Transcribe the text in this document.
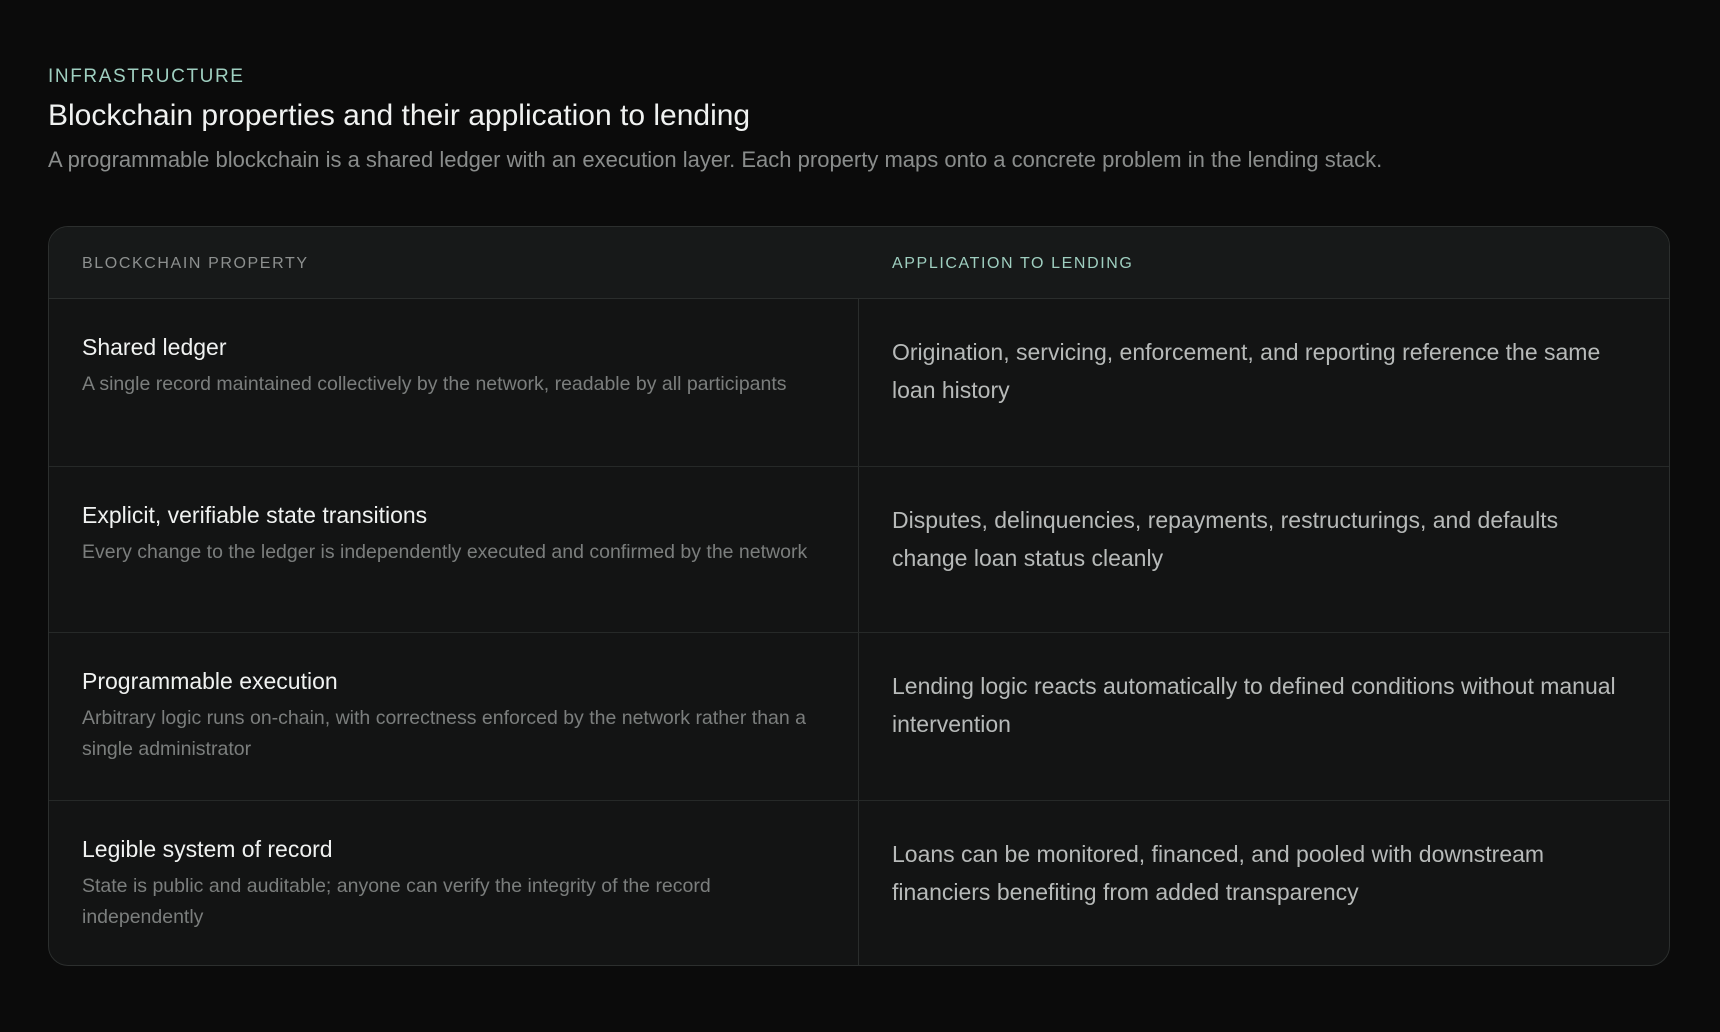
INFRASTRUCTURE
Blockchain properties and their application to lending
A programmable blockchain is a shared ledger with an execution layer. Each property maps onto a concrete problem in the lending stack.
BLOCKCHAIN PROPERTY	APPLICATION TO LENDING
Shared ledger
A single record maintained collectively by the network, readable by all participants
Origination, servicing, enforcement, and reporting reference the same loan history
Explicit, verifiable state transitions
Every change to the ledger is independently executed and confirmed by the network
Disputes, delinquencies, repayments, restructurings, and defaults change loan status cleanly
Programmable execution
Arbitrary logic runs on-chain, with correctness enforced by the network rather than a single administrator
Lending logic reacts automatically to defined conditions without manual intervention
Legible system of record
State is public and auditable; anyone can verify the integrity of the record independently
Loans can be monitored, financed, and pooled with downstream financiers benefiting from added transparency
